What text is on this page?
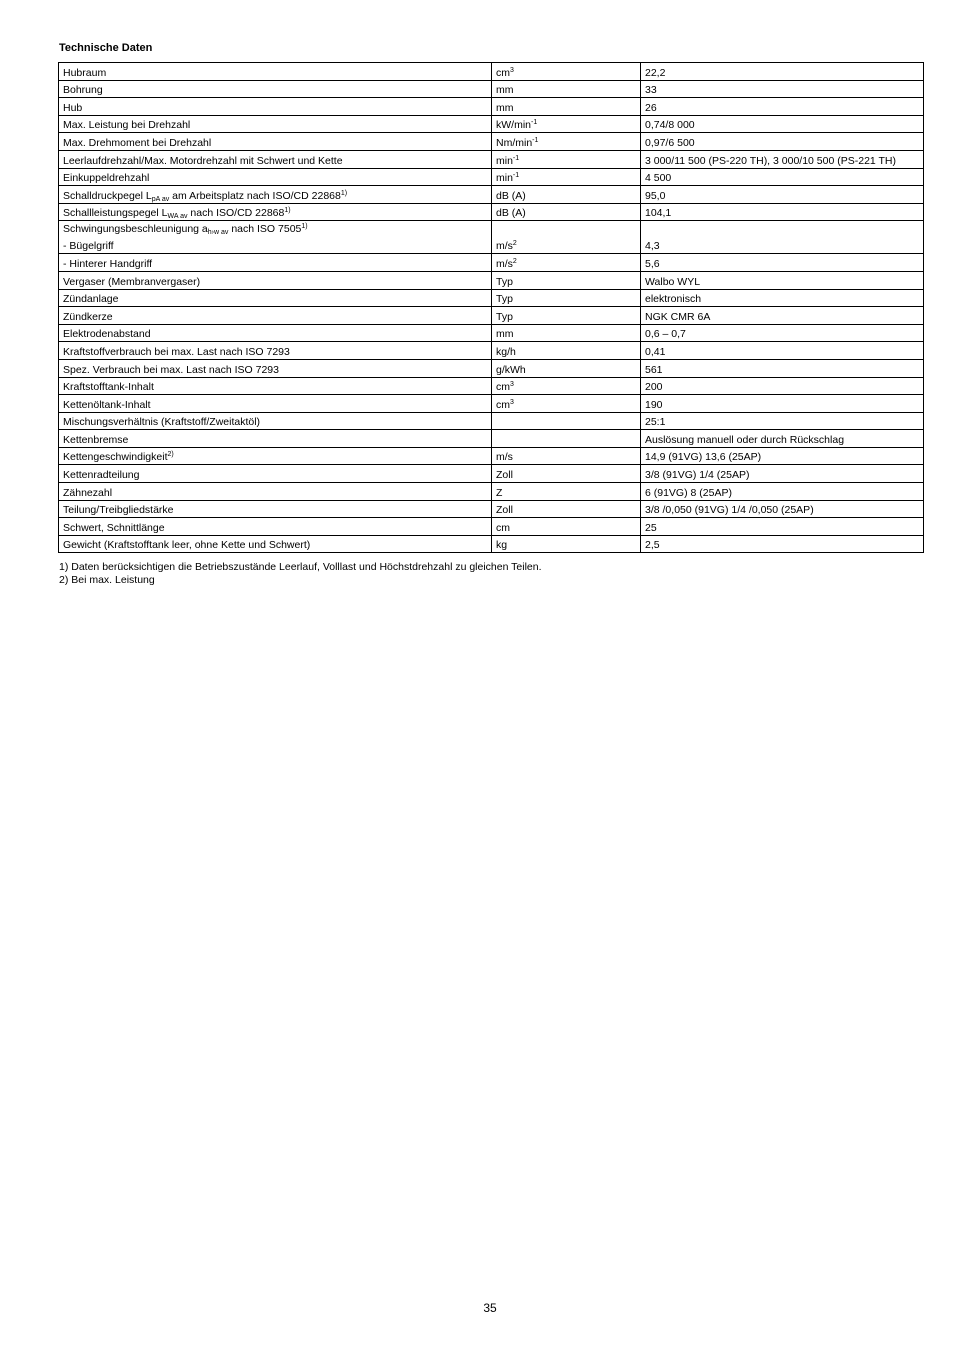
Technische Daten
Hubraum	$cm^3$	22,2
Bohrung	mm	33
Hub	mm	26
Max. Leistung bei Drehzahl	$kW/\min^{-1}$	0,74/8 000
Max. Drehmoment bei Drehzahl	$Nm/\min^{-1}$	0,97/6 500
Leerlaufdrehzahl/Max. Motordrehzahl mit Schwert und Kette	$\min^{-1}$	3 000/11 500 (PS-220 TH), 3 000/10 500 (PS-221 TH)
Einkuppeldrehzahl	$\min^{-1}$	4 500
Schalldruckpegel $L_{pA av}$ am Arbeitsplatz nach ISO/CD 22868$^{1)}$	dB (A)	95,0
Schallleistungspegel $L_{WA av}$ nach ISO/CD 22868$^{1)}$	dB (A)	104,1

Schwingungsbeschleunigung $a_{h›w av}$ nach ISO 7505$^{1)}$
- Bügelgriff	$m/s^2$	4,3
- Hinterer Handgriff	$m/s^2$	5,6
Vergaser (Membranvergaser)	Typ	Walbo WYL
Zündanlage	Typ	elektronisch
Zündkerze	Typ	NGK CMR 6A
Elektrodenabstand	mm	0,6 – 0,7
Kraftstoffverbrauch bei max. Last nach ISO 7293	kg/h	0,41
Spez. Verbrauch bei max. Last nach ISO 7293	g/kWh	561
Kraftstofftank-Inhalt	$cm^3$	200
Kettenöltank-Inhalt	$cm^3$	190
Mischungsverhältnis (Kraftstoff/Zweitaktöl)		25:1
Kettenbremse		Auslösung manuell oder durch Rückschlag
Kettengeschwindigkeit$^{2)}$	m/s	14,9 (91VG) 13,6 (25AP)
Kettenradteilung	Zoll	3/8 (91VG) 1/4 (25AP)
Zähnezahl	Z	6 (91VG) 8 (25AP)
Teilung/Treibgliedstärke	Zoll	3/8 /0,050 (91VG) 1/4 /0,050 (25AP)
Schwert, Schnittlänge	cm	25
Gewicht (Kraftstofftank leer, ohne Kette und Schwert)	kg	2,5
1) Daten berücksichtigen die Betriebszustände Leerlauf, Volllast und Höchstdrehzahl zu gleichen Teilen.
2) Bei max. Leistung
35
